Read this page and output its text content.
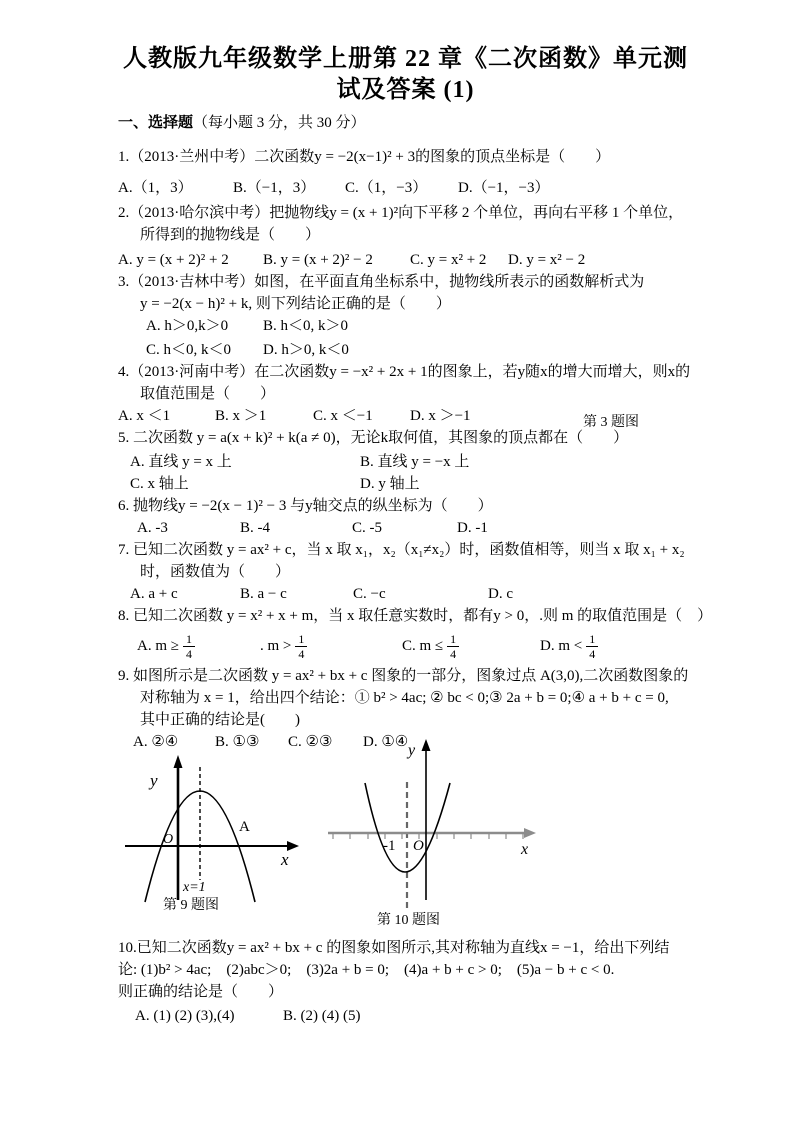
人教版九年级数学上册第 22 章《二次函数》单元测
试及答案 (1)
一、选择题（每小题 3 分，共 30 分）
1.（2013·兰州中考）二次函数y = −2(x−1)² + 3的图象的顶点坐标是（　　）
A.（1，3）	B.（−1，3）	C.（1，−3）	D.（−1，−3）
2.（2013·哈尔滨中考）把抛物线y = (x + 1)²向下平移 2 个单位，再向右平移 1 个单位，
所得到的抛物线是（　　）
A. y = (x + 2)² + 2	B. y = (x + 2)² − 2	C. y = x² + 2	D. y = x² − 2
3.（2013·吉林中考）如图，在平面直角坐标系中，抛物线所表示的函数解析式为
y = −2(x − h)² + k, 则下列结论正确的是（　　）
A. h＞0,k＞0	B. h＜0, k＞0
C. h＜0, k＜0	D. h＞0, k＜0
4.（2013·河南中考）在二次函数y = −x² + 2x + 1的图象上，若y随x的增大而增大，则x的
取值范围是（　　）
A. x ＜1	B. x ＞1	C. x ＜−1	D. x ＞−1	第 3 题图
5. 二次函数 y = a(x + k)² + k(a ≠ 0)，无论k取何值，其图象的顶点都在（　　）
A. 直线 y = x 上	B. 直线 y = −x 上
C. x 轴上	D. y 轴上
6. 抛物线y = −2(x − 1)² − 3 与y轴交点的纵坐标为（　　）
A. -3	B. -4	C. -5	D. -1
7. 已知二次函数 y = ax² + c，当 x 取 x₁，x₂（x₁≠x₂）时，函数值相等，则当 x 取 x₁ + x₂
时，函数值为（　　）
A. a + c	B. a − c	C. −c	D. c
8. 已知二次函数 y = x² + x + m，当 x 取任意实数时，都有y > 0，.则 m 的取值范围是（　）
A. $m \ge \frac{1}{4}$	. $m > \frac{1}{4}$	C. $m \le \frac{1}{4}$	D. $m < \frac{1}{4}$
9. 如图所示是二次函数 y = ax² + bx + c 图象的一部分，图象过点 A(3,0),二次函数图象的
对称轴为 x = 1，给出四个结论：① b² > 4ac; ② bc < 0;③ 2a + b = 0;④ a + b + c = 0,
其中正确的结论是(　　)
A. ②④	B. ①③	C. ②③	D. ①④
y
O
A
x
x=1
第 9 题图
y
-1 O	x
第 10 题图
10.已知二次函数y = ax² + bx + c 的图象如图所示,其对称轴为直线x = −1，给出下列结
论: (1)b² > 4ac;　(2)abc＞0;　(3)2a + b = 0;　(4)a + b + c > 0;　(5)a − b + c < 0.
则正确的结论是（　　）
A. (1) (2) (3),(4)	B. (2) (4) (5)
